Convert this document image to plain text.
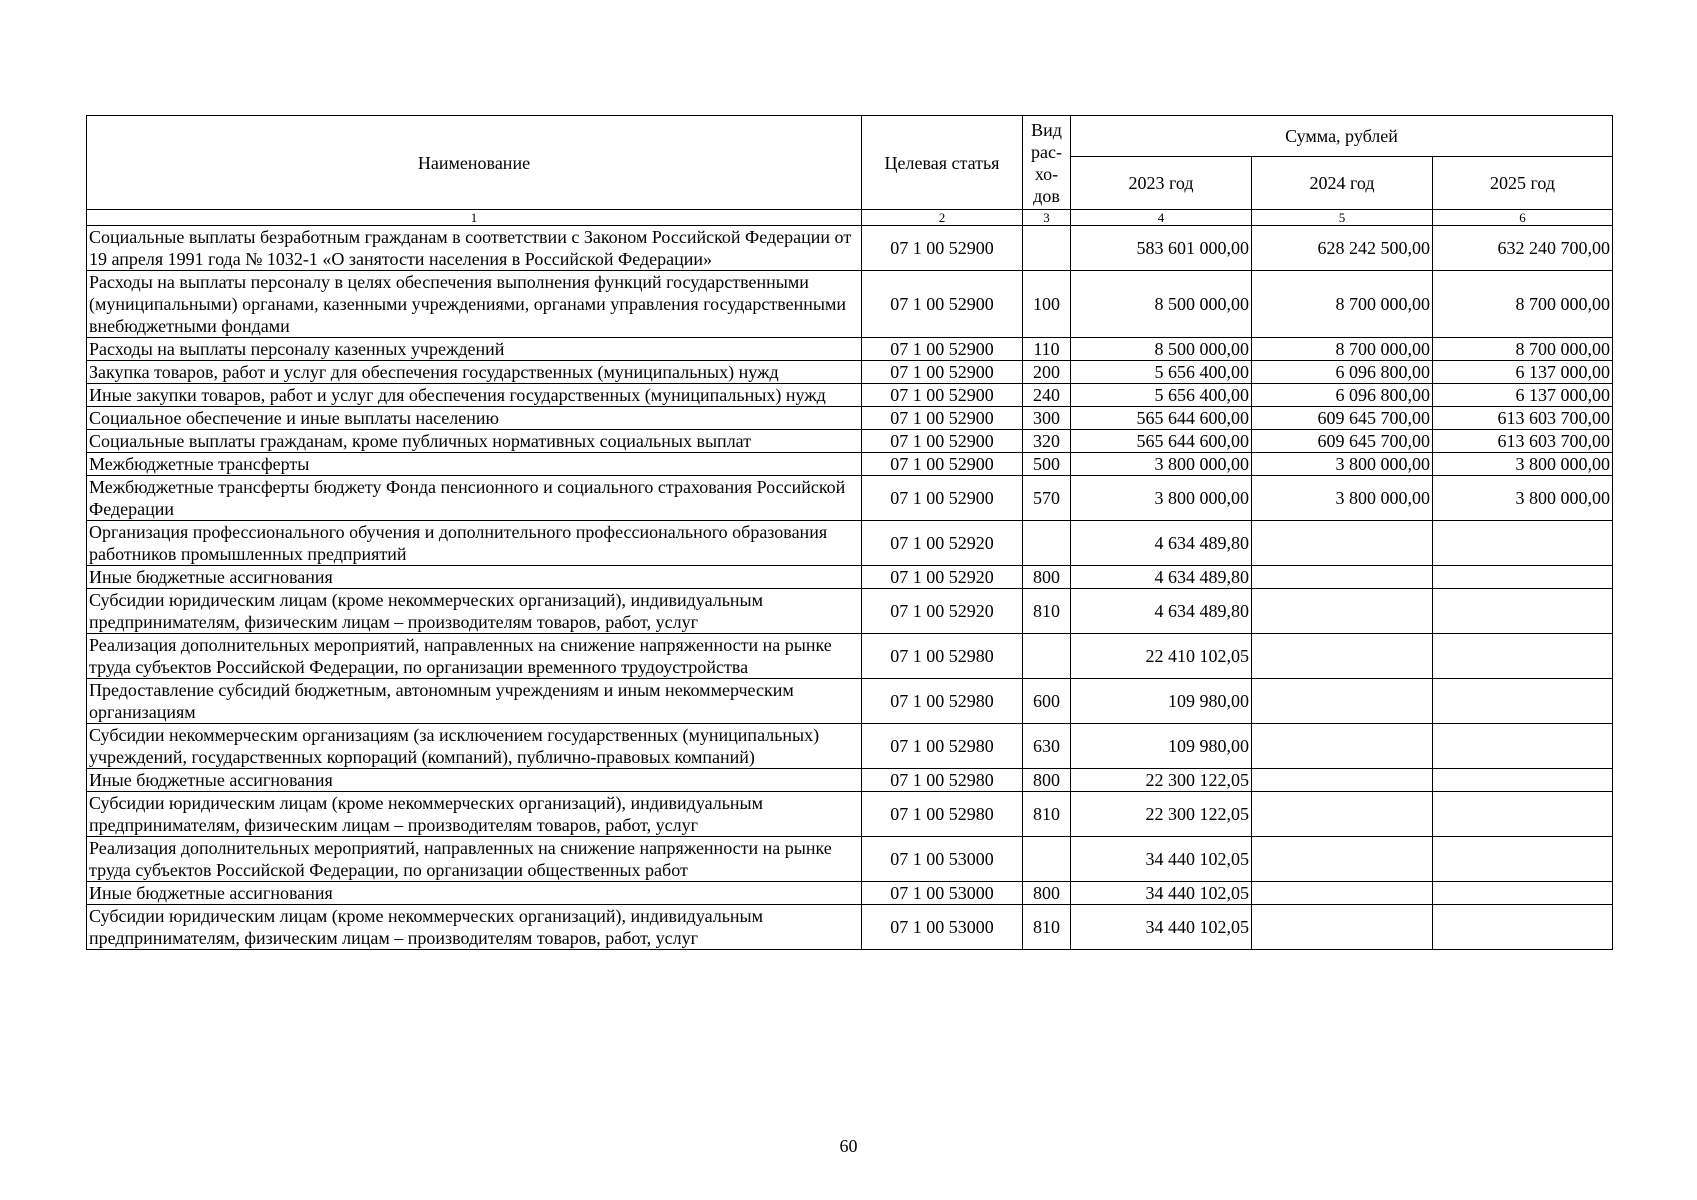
Наименование	Целевая статья	Вид рас-хо-дов	Сумма, рублей		
			2023 год	2024 год	2025 год
1	2	3	4	5	6
Социальные выплаты безработным гражданам в соответствии с Законом Российской Федерации от 19 апреля 1991 года № 1032-1 «О занятости населения в Российской Федерации»	07 1 00 52900		583 601 000,00	628 242 500,00	632 240 700,00
Расходы на выплаты персоналу в целях обеспечения выполнения функций государственными (муниципальными) органами, казенными учреждениями, органами управления государственными внебюджетными фондами	07 1 00 52900	100	8 500 000,00	8 700 000,00	8 700 000,00
Расходы на выплаты персоналу казенных учреждений	07 1 00 52900	110	8 500 000,00	8 700 000,00	8 700 000,00
Закупка товаров, работ и услуг для обеспечения государственных (муниципальных) нужд	07 1 00 52900	200	5 656 400,00	6 096 800,00	6 137 000,00
Иные закупки товаров, работ и услуг для обеспечения государственных (муниципальных) нужд	07 1 00 52900	240	5 656 400,00	6 096 800,00	6 137 000,00
Социальное обеспечение и иные выплаты населению	07 1 00 52900	300	565 644 600,00	609 645 700,00	613 603 700,00
Социальные выплаты гражданам, кроме публичных нормативных социальных выплат	07 1 00 52900	320	565 644 600,00	609 645 700,00	613 603 700,00
Межбюджетные трансферты	07 1 00 52900	500	3 800 000,00	3 800 000,00	3 800 000,00
Межбюджетные трансферты бюджету Фонда пенсионного и социального страхования Российской Федерации	07 1 00 52900	570	3 800 000,00	3 800 000,00	3 800 000,00
Организация профессионального обучения и дополнительного профессионального образования работников промышленных предприятий	07 1 00 52920		4 634 489,80		
Иные бюджетные ассигнования	07 1 00 52920	800	4 634 489,80		
Субсидии юридическим лицам (кроме некоммерческих организаций), индивидуальным предпринимателям, физическим лицам – производителям товаров, работ, услуг	07 1 00 52920	810	4 634 489,80		
Реализация дополнительных мероприятий, направленных на снижение напряженности на рынке труда субъектов Российской Федерации, по организации временного трудоустройства	07 1 00 52980		22 410 102,05		
Предоставление субсидий бюджетным, автономным учреждениям и иным некоммерческим организациям	07 1 00 52980	600	109 980,00		
Субсидии некоммерческим организациям (за исключением государственных (муниципальных) учреждений, государственных корпораций (компаний), публично-правовых компаний)	07 1 00 52980	630	109 980,00		
Иные бюджетные ассигнования	07 1 00 52980	800	22 300 122,05		
Субсидии юридическим лицам (кроме некоммерческих организаций), индивидуальным предпринимателям, физическим лицам – производителям товаров, работ, услуг	07 1 00 52980	810	22 300 122,05		
Реализация дополнительных мероприятий, направленных на снижение напряженности на рынке труда субъектов Российской Федерации, по организации общественных работ	07 1 00 53000		34 440 102,05		
Иные бюджетные ассигнования	07 1 00 53000	800	34 440 102,05		
Субсидии юридическим лицам (кроме некоммерческих организаций), индивидуальным предпринимателям, физическим лицам – производителям товаров, работ, услуг	07 1 00 53000	810	34 440 102,05		
60
